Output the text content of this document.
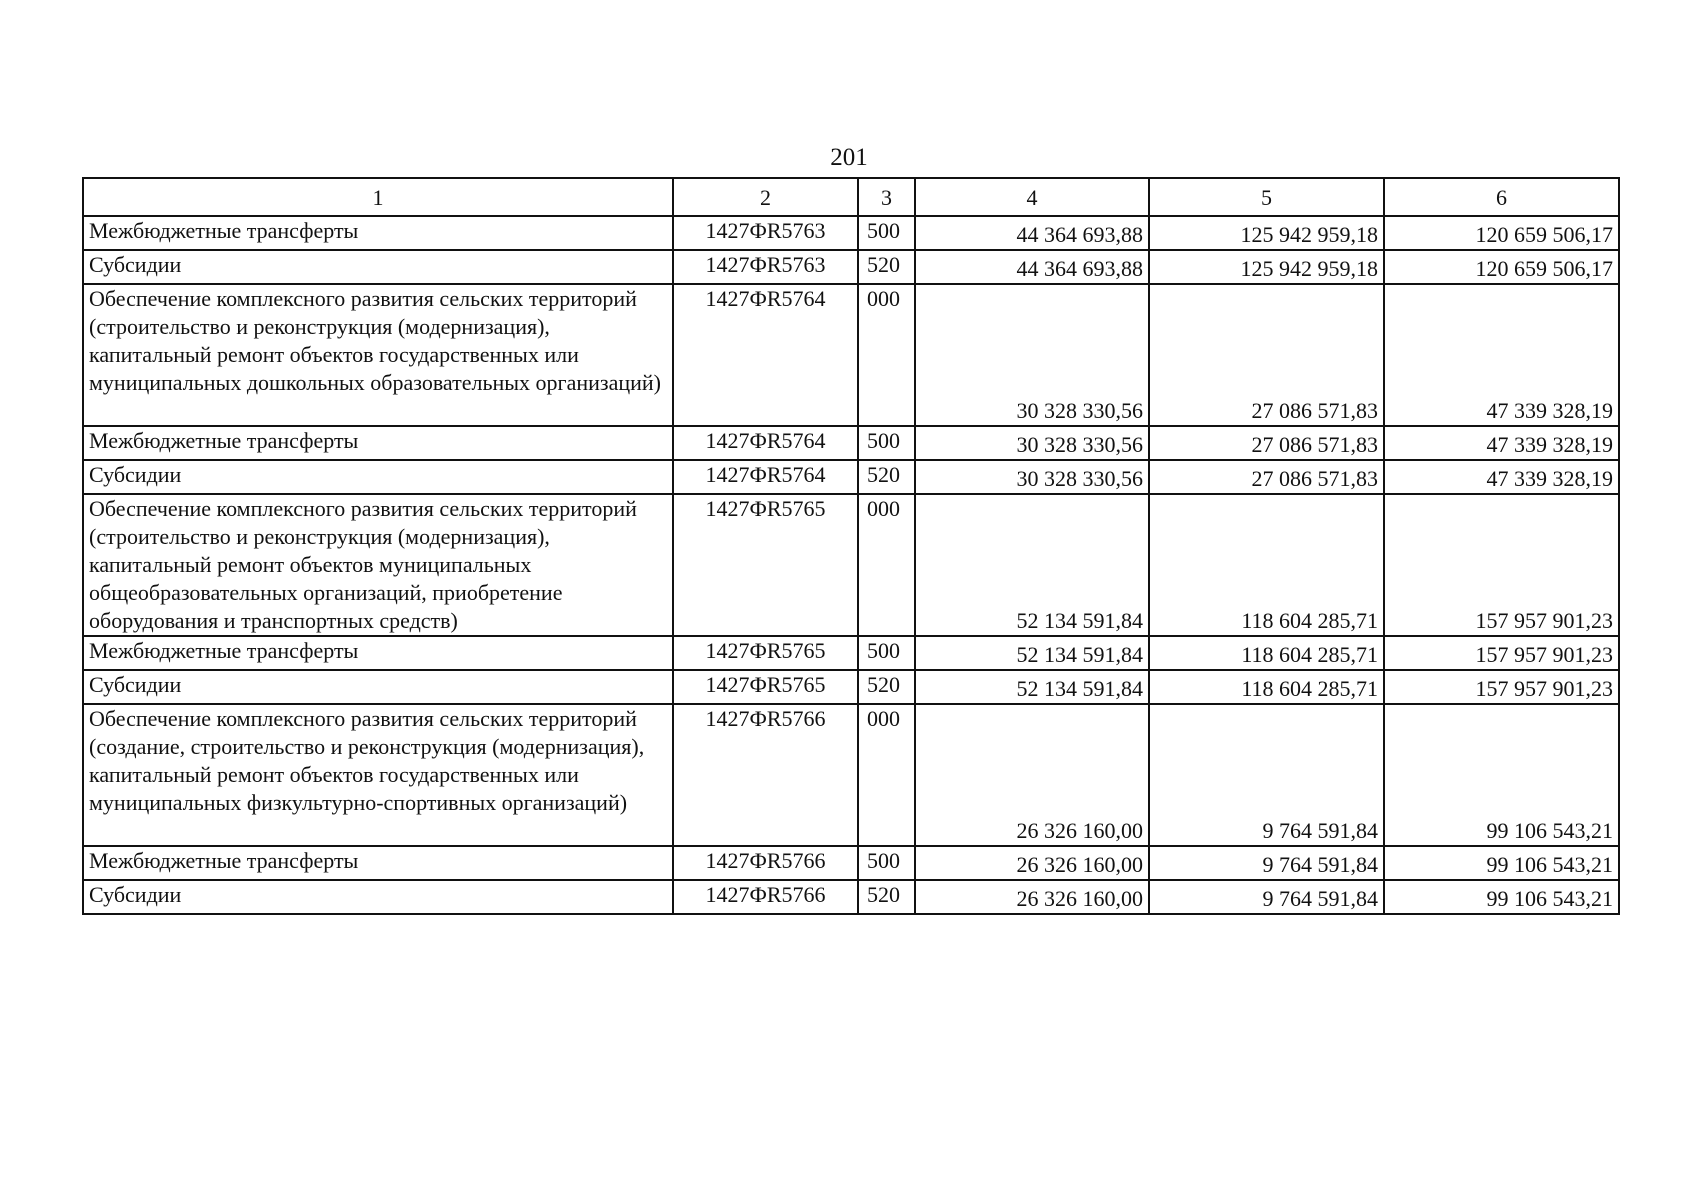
201
1	2	3	4	5	6
Межбюджетные трансферты	1427ФR5763	500	44 364 693,88	125 942 959,18	120 659 506,17
Субсидии	1427ФR5763	520	44 364 693,88	125 942 959,18	120 659 506,17
Обеспечение комплексного развития сельских территорий (строительство и реконструкция (модернизация), капитальный ремонт объектов государственных или муниципальных дошкольных образовательных организаций)	1427ФR5764	000	30 328 330,56	27 086 571,83	47 339 328,19
Межбюджетные трансферты	1427ФR5764	500	30 328 330,56	27 086 571,83	47 339 328,19
Субсидии	1427ФR5764	520	30 328 330,56	27 086 571,83	47 339 328,19
Обеспечение комплексного развития сельских территорий (строительство и реконструкция (модернизация), капитальный ремонт объектов муниципальных общеобразовательных организаций, приобретение оборудования и транспортных средств)	1427ФR5765	000	52 134 591,84	118 604 285,71	157 957 901,23
Межбюджетные трансферты	1427ФR5765	500	52 134 591,84	118 604 285,71	157 957 901,23
Субсидии	1427ФR5765	520	52 134 591,84	118 604 285,71	157 957 901,23
Обеспечение комплексного развития сельских территорий (создание, строительство и реконструкция (модернизация), капитальный ремонт объектов государственных или муниципальных физкультурно-спортивных организаций)	1427ФR5766	000	26 326 160,00	9 764 591,84	99 106 543,21
Межбюджетные трансферты	1427ФR5766	500	26 326 160,00	9 764 591,84	99 106 543,21
Субсидии	1427ФR5766	520	26 326 160,00	9 764 591,84	99 106 543,21
